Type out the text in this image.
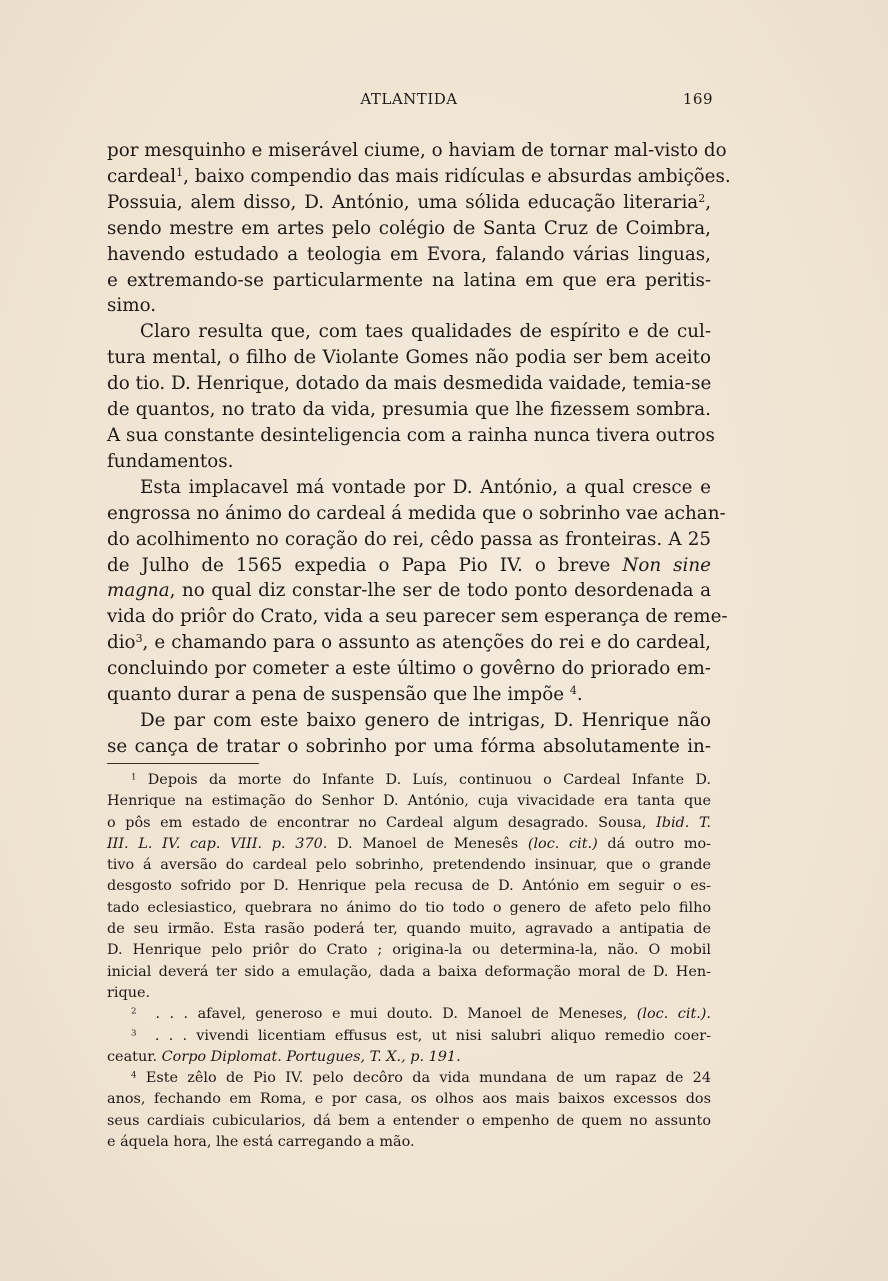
ATLANTIDA	169

por mesquinho e miserável ciume, o haviam de tornar mal-visto do
cardeal$^1$, baixo compendio das mais ridículas e absurdas ambições.
Possuia, alem disso, D. António, uma sólida educação literaria$^2$,
sendo mestre em artes pelo colégio de Santa Cruz de Coimbra,
havendo estudado a teologia em Evora, falando várias linguas,
e extremando-se particularmente na latina em que era peritis-
simo.

Claro resulta que, com taes qualidades de espírito e de cul-
tura mental, o filho de Violante Gomes não podia ser bem aceito
do tio. D. Henrique, dotado da mais desmedida vaidade, temia-se
de quantos, no trato da vida, presumia que lhe fizessem sombra.
A sua constante desinteligencia com a rainha nunca tivera outros
fundamentos.

Esta implacavel má vontade por D. António, a qual cresce e
engrossa no ánimo do cardeal á medida que o sobrinho vae achan-
do acolhimento no coração do rei, cêdo passa as fronteiras. A 25
de Julho de 1565 expedia o Papa Pio IV. o breve Non sine
magna, no qual diz constar-lhe ser de todo ponto desordenada a
vida do priôr do Crato, vida a seu parecer sem esperança de reme-
dio$^3$, e chamando para o assunto as atenções do rei e do cardeal,
concluindo por cometer a este último o govêrno do priorado em-
quanto durar a pena de suspensão que lhe impõe $^4$.

De par com este baixo genero de intrigas, D. Henrique não
se cança de tratar o sobrinho por uma fórma absolutamente in-

$^1$ Depois da morte do Infante D. Luís, continuou o Cardeal Infante D.
Henrique na estimação do Senhor D. António, cuja vivacidade era tanta que
o pôs em estado de encontrar no Cardeal algum desagrado. Sousa, Ibid. T.
III. L. IV. cap. VIII. p. 370. D. Manoel de Menesês (loc. cit.) dá outro mo-
tivo á aversão do cardeal pelo sobrinho, pretendendo insinuar, que o grande
desgosto sofrido por D. Henrique pela recusa de D. António em seguir o es-
tado eclesiastico, quebrara no ánimo do tio todo o genero de afeto pelo filho
de seu irmão. Esta rasão poderá ter, quando muito, agravado a antipatia de
D. Henrique pelo priôr do Crato ; origina-la ou determina-la, não. O mobil
inicial deverá ter sido a emulação, dada a baixa deformação moral de D. Hen-
rique.

$^2$ . . . afavel, generoso e mui douto. D. Manoel de Meneses, (loc. cit.).

$^3$ . . . vivendi licentiam effusus est, ut nisi salubri aliquo remedio coer-
ceatur. Corpo Diplomat. Portugues, T. X., p. 191.

$^4$ Este zêlo de Pio IV. pelo decôro da vida mundana de um rapaz de 24
anos, fechando em Roma, e por casa, os olhos aos mais baixos excessos dos
seus cardiais cubicularios, dá bem a entender o empenho de quem no assunto
e áquela hora, lhe está carregando a mão.
